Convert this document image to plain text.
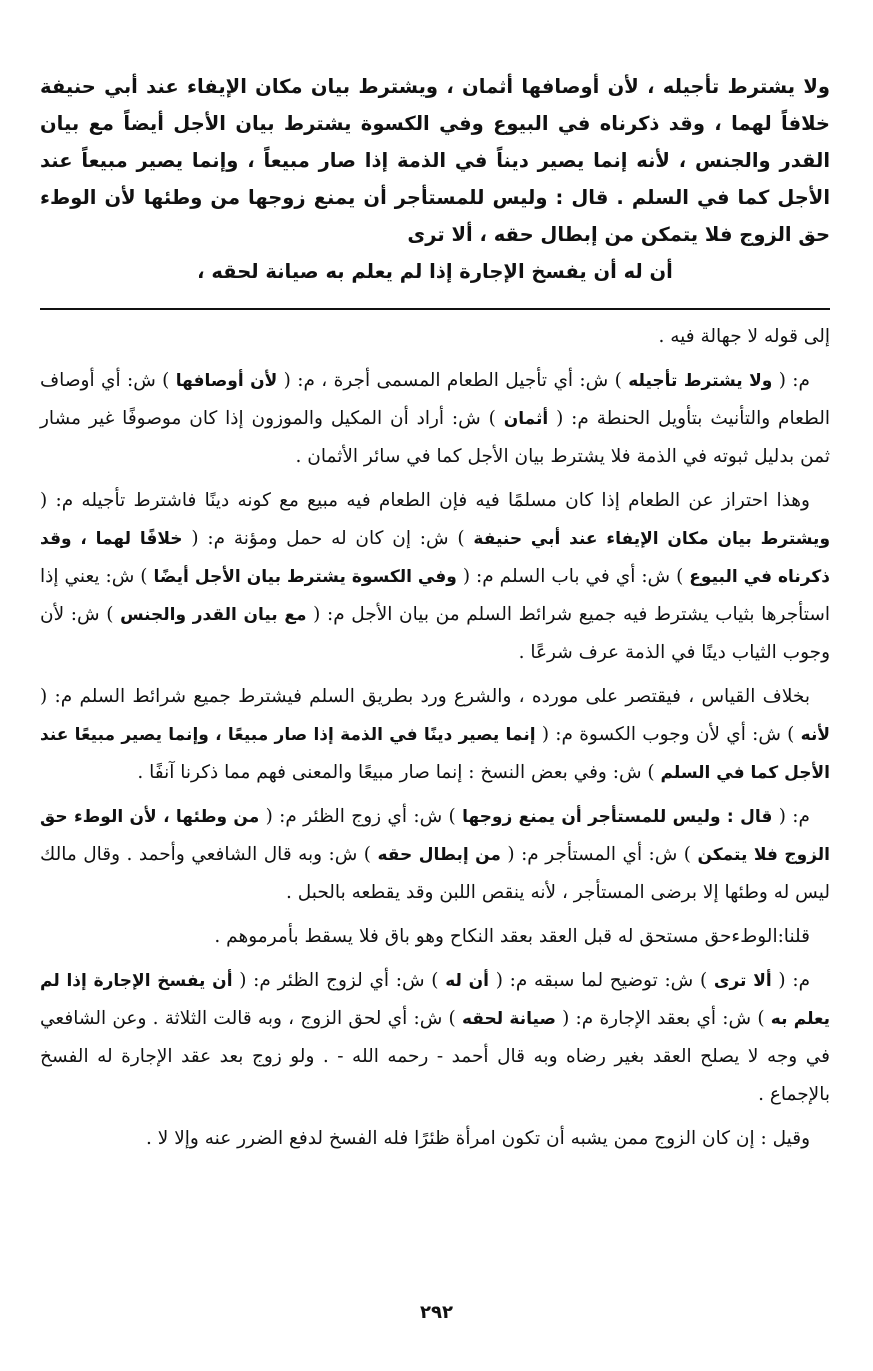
ولا يشترط تأجيله ، لأن أوصافها أثمان ، ويشترط بيان مكان الإيفاء عند أبي حنيفة خلافاً لهما ، وقد ذكرناه في البيوع وفي الكسوة يشترط بيان الأجل أيضاً مع بيان القدر والجنس ، لأنه إنما يصير ديناً في الذمة إذا صار مبيعاً ، وإنما يصير مبيعاً عند الأجل كما في السلم . قال : وليس للمستأجر أن يمنع زوجها من وطئها لأن الوطء حق الزوج فلا يتمكن من إبطال حقه ، ألا ترى
أن له أن يفسخ الإجارة إذا لم يعلم به صيانة لحقه ،

إلى قوله لا جهالة فيه .

م: ( ولا يشترط تأجيله ) ش: أي تأجيل الطعام المسمى أجرة ، م: ( لأن أوصافها ) ش: أي أوصاف الطعام والتأنيث بتأويل الحنطة م: ( أثمان ) ش: أراد أن المكيل والموزون إذا كان موصوفًا غير مشار ثمن بدليل ثبوته في الذمة فلا يشترط بيان الأجل كما في سائر الأثمان .

وهذا احتراز عن الطعام إذا كان مسلمًا فيه فإن الطعام فيه مبيع مع كونه دينًا فاشترط تأجيله م: ( ويشترط بيان مكان الإيفاء عند أبي حنيفة ) ش: إن كان له حمل ومؤنة م: ( خلافًا لهما ، وقد ذكرناه في البيوع ) ش: أي في باب السلم م: ( وفي الكسوة يشترط بيان الأجل أيضًا ) ش: يعني إذا استأجرها بثياب يشترط فيه جميع شرائط السلم من بيان الأجل م: ( مع بيان القدر والجنس ) ش: لأن وجوب الثياب دينًا في الذمة عرف شرعًا .

بخلاف القياس ، فيقتصر على مورده ، والشرع ورد بطريق السلم فيشترط جميع شرائط السلم م: ( لأنه ) ش: أي لأن وجوب الكسوة م: ( إنما يصير دينًا في الذمة إذا صار مبيعًا ، وإنما يصير مبيعًا عند الأجل كما في السلم ) ش: وفي بعض النسخ : إنما صار مبيعًا والمعنى فهم مما ذكرنا آنفًا .

م: ( قال : وليس للمستأجر أن يمنع زوجها ) ش: أي زوج الظئر م: ( من وطئها ، لأن الوطء حق الزوج فلا يتمكن ) ش: أي المستأجر م: ( من إبطال حقه ) ش: وبه قال الشافعي وأحمد . وقال مالك ليس له وطئها إلا برضى المستأجر ، لأنه ينقص اللبن وقد يقطعه بالحبل .

قلنا:الوطءحق مستحق له قبل العقد بعقد النكاح وهو باق فلا يسقط بأمرموهم .

م: ( ألا ترى ) ش: توضيح لما سبقه م: ( أن له ) ش: أي لزوج الظئر م: ( أن يفسخ الإجارة إذا لم يعلم به ) ش: أي بعقد الإجارة م: ( صيانة لحقه ) ش: أي لحق الزوج ، وبه قالت الثلاثة . وعن الشافعي في وجه لا يصلح العقد بغير رضاه وبه قال أحمد - رحمه الله - . ولو زوج بعد عقد الإجارة له الفسخ بالإجماع .

وقيل : إن كان الزوج ممن يشبه أن تكون امرأة ظئرًا فله الفسخ لدفع الضرر عنه وإلا لا .

٢٩٢
